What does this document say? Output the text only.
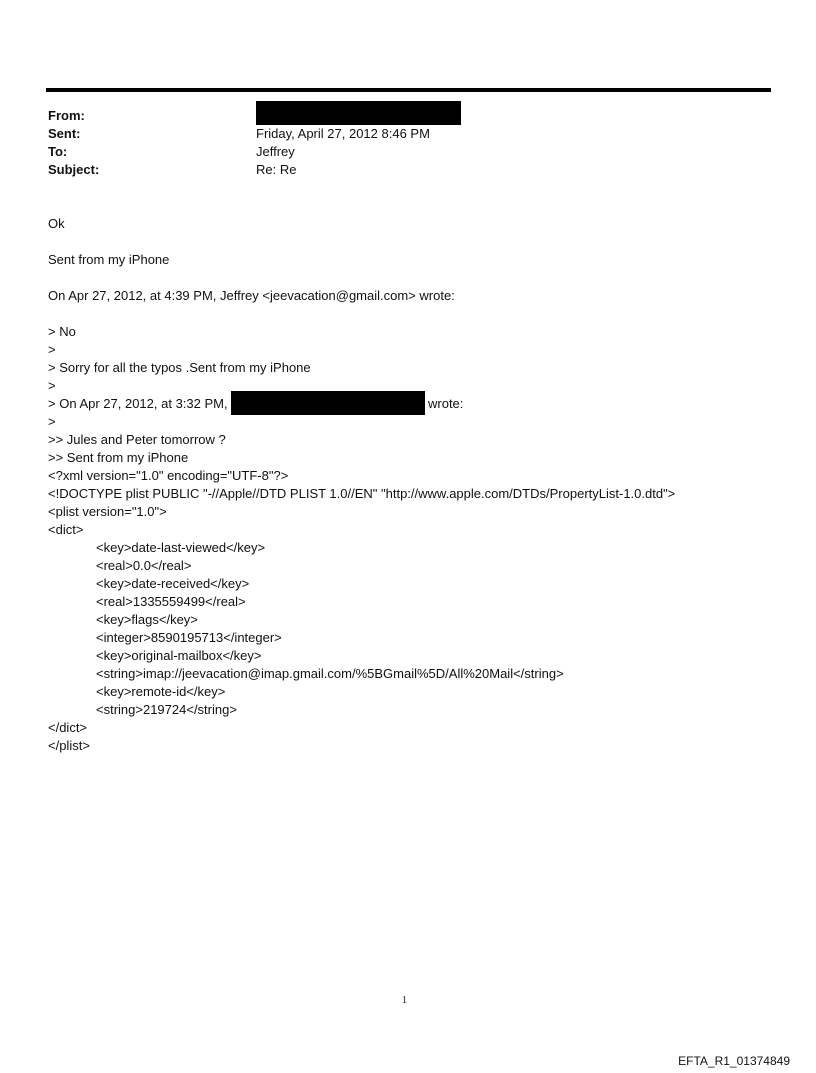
From:
Sent:	Friday, April 27, 2012 8:46 PM
To:	Jeffrey
Subject:	Re: Re
Ok
Sent from my iPhone
On Apr 27, 2012, at 4:39 PM, Jeffrey <jeevacation@gmail.com> wrote:
> No
>
> Sorry for all the typos .Sent from my iPhone
>
> On Apr 27, 2012, at 3:32 PM,	wrote:
>
>> Jules and Peter tomorrow ?
>> Sent from my iPhone
<?xml version="1.0" encoding="UTF-8"?>
<!DOCTYPE plist PUBLIC "-//Apple//DTD PLIST 1.0//EN" "http://www.apple.com/DTDs/PropertyList-1.0.dtd">
<plist version="1.0">
<dict>
<key>date-last-viewed</key>
<real>0.0</real>
<key>date-received</key>
<real>1335559499</real>
<key>flags</key>
<integer>8590195713</integer>
<key>original-mailbox</key>
<string>imap://jeevacation@imap.gmail.com/%5BGmail%5D/All%20Mail</string>
<key>remote-id</key>
<string>219724</string>
</dict>
</plist>
1
EFTA_R1_01374849
